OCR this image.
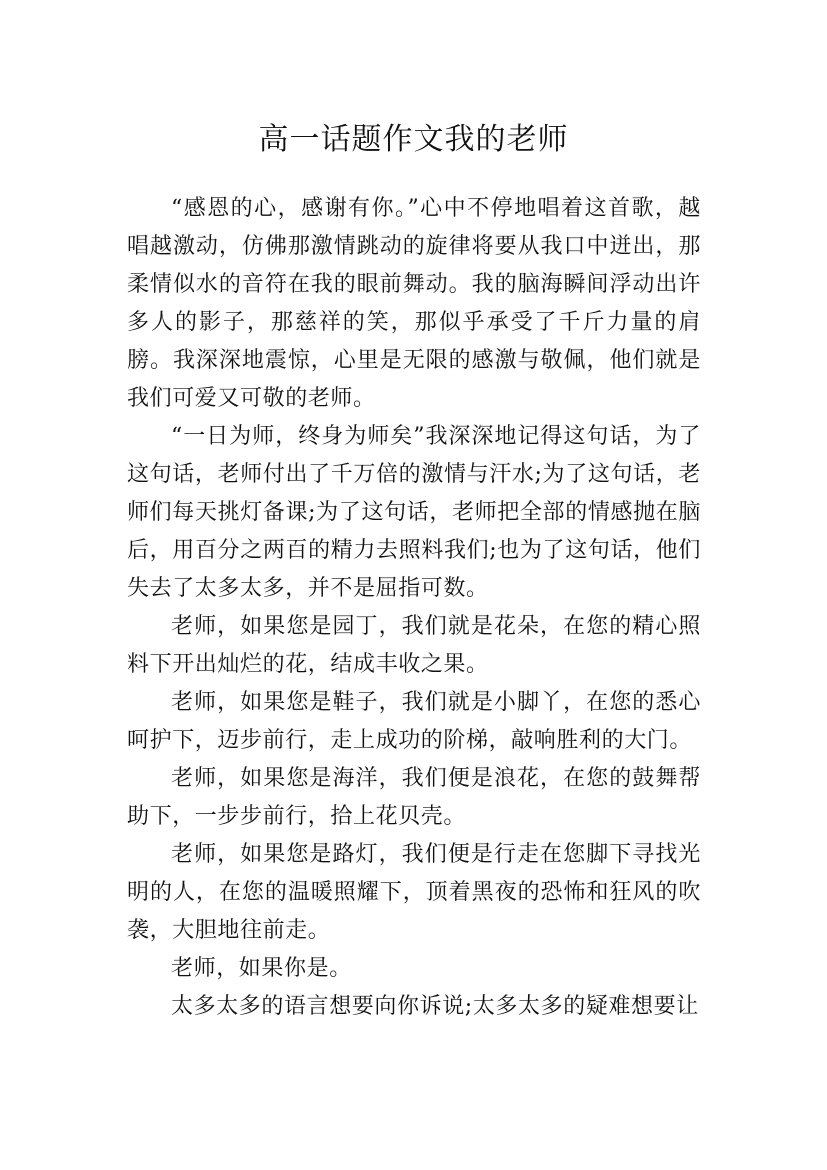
高一话题作文我的老师

“感恩的心，感谢有你。”心中不停地唱着这首歌，越唱越激动，仿佛那激情跳动的旋律将要从我口中迸出，那柔情似水的音符在我的眼前舞动。我的脑海瞬间浮动出许多人的影子，那慈祥的笑，那似乎承受了千斤力量的肩膀。我深深地震惊，心里是无限的感激与敬佩，他们就是我们可爱又可敬的老师。

“一日为师，终身为师矣”我深深地记得这句话，为了这句话，老师付出了千万倍的激情与汗水;为了这句话，老师们每天挑灯备课;为了这句话，老师把全部的情感抛在脑后，用百分之两百的精力去照料我们;也为了这句话，他们失去了太多太多，并不是屈指可数。

老师，如果您是园丁，我们就是花朵，在您的精心照料下开出灿烂的花，结成丰收之果。

老师，如果您是鞋子，我们就是小脚丫，在您的悉心呵护下，迈步前行，走上成功的阶梯，敲响胜利的大门。

老师，如果您是海洋，我们便是浪花，在您的鼓舞帮助下，一步步前行，拾上花贝壳。

老师，如果您是路灯，我们便是行走在您脚下寻找光明的人，在您的温暖照耀下，顶着黑夜的恐怖和狂风的吹袭，大胆地往前走。

老师，如果你是。

太多太多的语言想要向你诉说;太多太多的疑难想要让
